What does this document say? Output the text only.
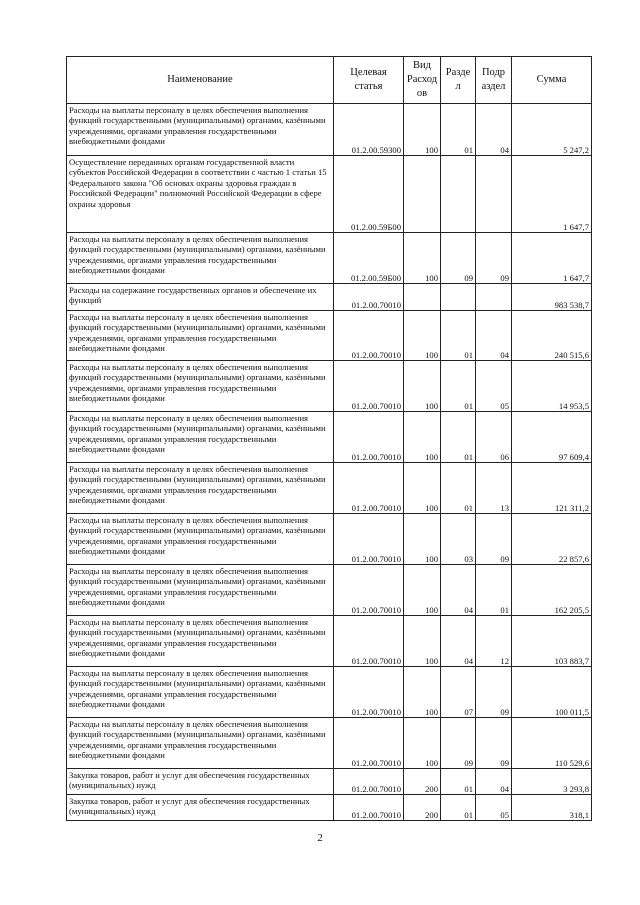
Наименование	Целевая статья	Вид Расход ов	Разде л	Подр аздел	Сумма
Расходы на выплаты персоналу в целях обеспечения выполнения функций государственными (муниципальными) органами, казёнными учреждениями, органами управления государственными внебюджетными фондами	01.2.00.59300	100	01	04	5 247,2
Осуществление переданных органам государственной власти субъектов Российской Федерации в соответствии с частью 1 статьи 15 Федерального закона "Об основах охраны здоровья граждан в Российской Федерации" полномочий Российской Федерации в сфере охраны здоровья	01.2.00.59Б00				1 647,7
Расходы на выплаты персоналу в целях обеспечения выполнения функций государственными (муниципальными) органами, казёнными учреждениями, органами управления государственными внебюджетными фондами	01.2.00.59Б00	100	09	09	1 647,7
Расходы на содержание государственных органов и обеспечение их функций	01.2.00.70010				983 538,7
Расходы на выплаты персоналу в целях обеспечения выполнения функций государственными (муниципальными) органами, казёнными учреждениями, органами управления государственными внебюджетными фондами	01.2.00.70010	100	01	04	240 515,6
Расходы на выплаты персоналу в целях обеспечения выполнения функций государственными (муниципальными) органами, казёнными учреждениями, органами управления государственными внебюджетными фондами	01.2.00.70010	100	01	05	14 953,5
Расходы на выплаты персоналу в целях обеспечения выполнения функций государственными (муниципальными) органами, казёнными учреждениями, органами управления государственными внебюджетными фондами	01.2.00.70010	100	01	06	97 609,4
Расходы на выплаты персоналу в целях обеспечения выполнения функций государственными (муниципальными) органами, казёнными учреждениями, органами управления государственными внебюджетными фондами	01.2.00.70010	100	01	13	121 311,2
Расходы на выплаты персоналу в целях обеспечения выполнения функций государственными (муниципальными) органами, казёнными учреждениями, органами управления государственными внебюджетными фондами	01.2.00.70010	100	03	09	22 857,6
Расходы на выплаты персоналу в целях обеспечения выполнения функций государственными (муниципальными) органами, казёнными учреждениями, органами управления государственными внебюджетными фондами	01.2.00.70010	100	04	01	162 205,5
Расходы на выплаты персоналу в целях обеспечения выполнения функций государственными (муниципальными) органами, казёнными учреждениями, органами управления государственными внебюджетными фондами	01.2.00.70010	100	04	12	103 883,7
Расходы на выплаты персоналу в целях обеспечения выполнения функций государственными (муниципальными) органами, казёнными учреждениями, органами управления государственными внебюджетными фондами	01.2.00.70010	100	07	09	100 011,5
Расходы на выплаты персоналу в целях обеспечения выполнения функций государственными (муниципальными) органами, казёнными учреждениями, органами управления государственными внебюджетными фондами	01.2.00.70010	100	09	09	110 529,6
Закупка товаров, работ и услуг для обеспечения государственных (муниципальных) нужд	01.2.00.70010	200	01	04	3 293,8
Закупка товаров, работ и услуг для обеспечения государственных (муниципальных) нужд	01.2.00.70010	200	01	05	318,1
2
